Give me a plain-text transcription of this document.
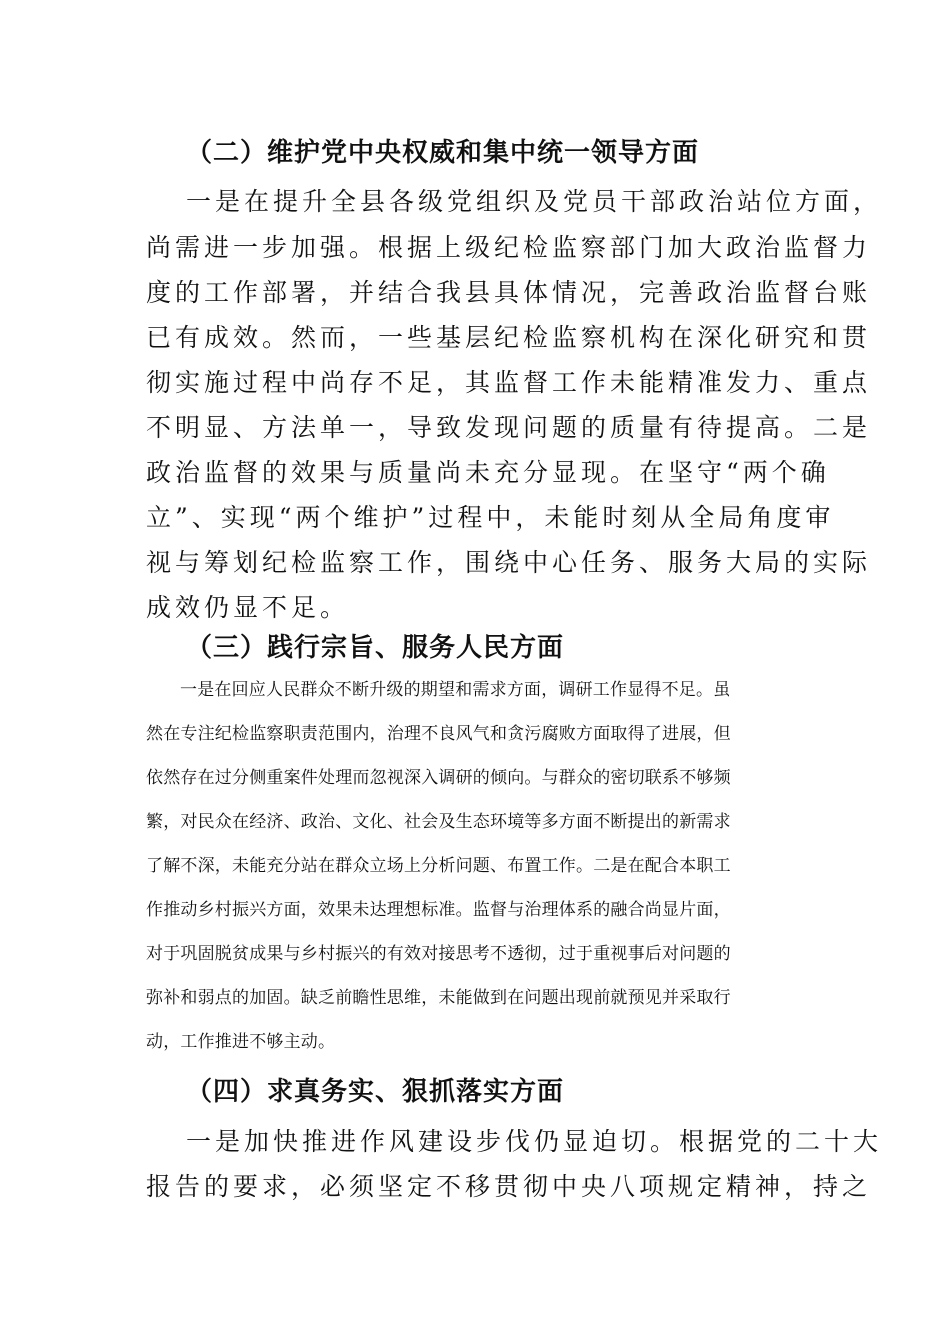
（二）维护党中央权威和集中统一领导方面
一是在提升全县各级党组织及党员干部政治站位方面，
尚需进一步加强。根据上级纪检监察部门加大政治监督力
度的工作部署，并结合我县具体情况，完善政治监督台账
已有成效。然而，一些基层纪检监察机构在深化研究和贯
彻实施过程中尚存不足，其监督工作未能精准发力、重点
不明显、方法单一，导致发现问题的质量有待提高。二是
政治监督的效果与质量尚未充分显现。在坚守“两个确
立”、实现“两个维护”过程中，未能时刻从全局角度审
视与筹划纪检监察工作，围绕中心任务、服务大局的实际
成效仍显不足。
（三）践行宗旨、服务人民方面
一是在回应人民群众不断升级的期望和需求方面，调研工作显得不足。虽
然在专注纪检监察职责范围内，治理不良风气和贪污腐败方面取得了进展，但
依然存在过分侧重案件处理而忽视深入调研的倾向。与群众的密切联系不够频
繁，对民众在经济、政治、文化、社会及生态环境等多方面不断提出的新需求
了解不深，未能充分站在群众立场上分析问题、布置工作。二是在配合本职工
作推动乡村振兴方面，效果未达理想标准。监督与治理体系的融合尚显片面，
对于巩固脱贫成果与乡村振兴的有效对接思考不透彻，过于重视事后对问题的
弥补和弱点的加固。缺乏前瞻性思维，未能做到在问题出现前就预见并采取行
动，工作推进不够主动。
（四）求真务实、狠抓落实方面
一是加快推进作风建设步伐仍显迫切。根据党的二十大
报告的要求，必须坚定不移贯彻中央八项规定精神，持之
